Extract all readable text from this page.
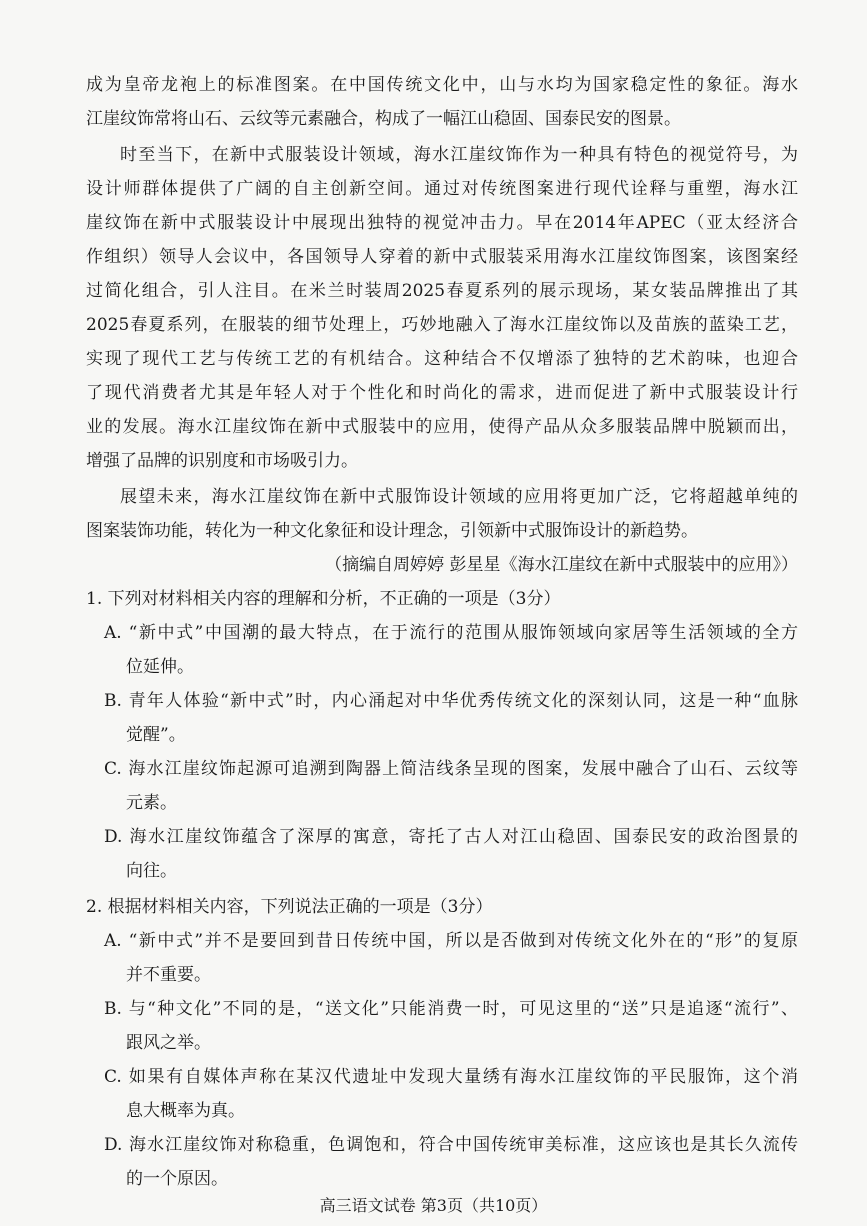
成为皇帝龙袍上的标准图案。在中国传统文化中，山与水均为国家稳定性的象征。海水
江崖纹饰常将山石、云纹等元素融合，构成了一幅江山稳固、国泰民安的图景。
时至当下，在新中式服装设计领域，海水江崖纹饰作为一种具有特色的视觉符号，为
设计师群体提供了广阔的自主创新空间。通过对传统图案进行现代诠释与重塑，海水江
崖纹饰在新中式服装设计中展现出独特的视觉冲击力。早在2014年APEC（亚太经济合
作组织）领导人会议中，各国领导人穿着的新中式服装采用海水江崖纹饰图案，该图案经
过简化组合，引人注目。在米兰时装周2025春夏系列的展示现场，某女装品牌推出了其
2025春夏系列，在服装的细节处理上，巧妙地融入了海水江崖纹饰以及苗族的蓝染工艺，
实现了现代工艺与传统工艺的有机结合。这种结合不仅增添了独特的艺术韵味，也迎合
了现代消费者尤其是年轻人对于个性化和时尚化的需求，进而促进了新中式服装设计行
业的发展。海水江崖纹饰在新中式服装中的应用，使得产品从众多服装品牌中脱颖而出，
增强了品牌的识别度和市场吸引力。
展望未来，海水江崖纹饰在新中式服饰设计领域的应用将更加广泛，它将超越单纯的
图案装饰功能，转化为一种文化象征和设计理念，引领新中式服饰设计的新趋势。
（摘编自周婷婷 彭星星《海水江崖纹在新中式服装中的应用》）
1. 下列对材料相关内容的理解和分析，不正确的一项是（3分）
A. “新中式”中国潮的最大特点，在于流行的范围从服饰领域向家居等生活领域的全方
位延伸。
B. 青年人体验“新中式”时，内心涌起对中华优秀传统文化的深刻认同，这是一种“血脉
觉醒”。
C. 海水江崖纹饰起源可追溯到陶器上简洁线条呈现的图案，发展中融合了山石、云纹等
元素。
D. 海水江崖纹饰蕴含了深厚的寓意，寄托了古人对江山稳固、国泰民安的政治图景的
向往。
2. 根据材料相关内容，下列说法正确的一项是（3分）
A. “新中式”并不是要回到昔日传统中国，所以是否做到对传统文化外在的“形”的复原
并不重要。
B. 与“种文化”不同的是，“送文化”只能消费一时，可见这里的“送”只是追逐“流行”、
跟风之举。
C. 如果有自媒体声称在某汉代遗址中发现大量绣有海水江崖纹饰的平民服饰，这个消
息大概率为真。
D. 海水江崖纹饰对称稳重，色调饱和，符合中国传统审美标准，这应该也是其长久流传
的一个原因。
高三语文试卷 第3页（共10页）
